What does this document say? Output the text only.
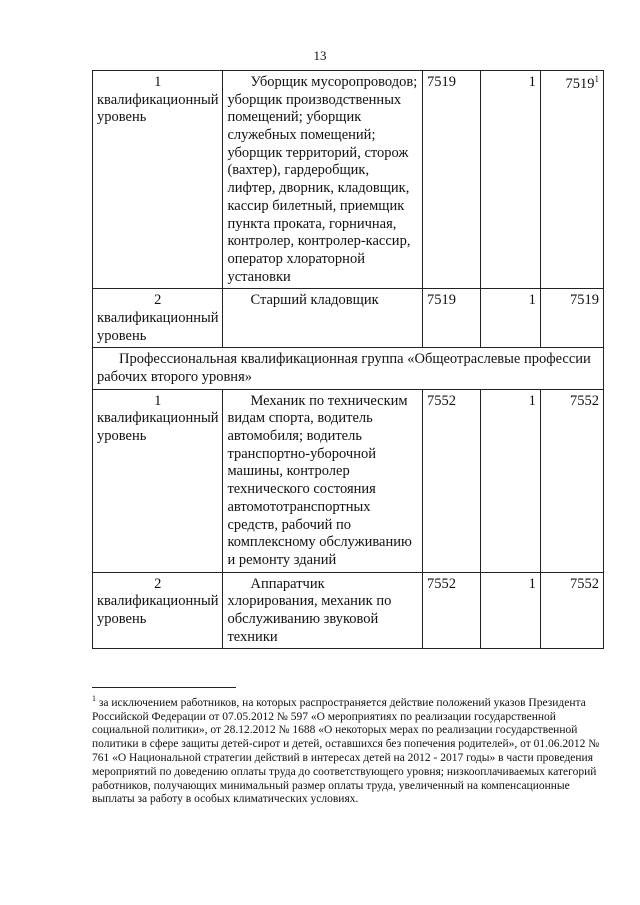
13
1
квалификационный уровень	Уборщик мусоропроводов; уборщик производственных помещений; уборщик служебных помещений; уборщик территорий, сторож (вахтер), гардеробщик, лифтер, дворник, кладовщик, кассир билетный, приемщик пункта проката, горничная, контролер, контролер-кассир, оператор хлораторной установки	7519	1	7519$^1$

2
квалификационный уровень	Старший кладовщик	7519	1	7519
Профессиональная квалификационная группа «Общеотраслевые профессии рабочих второго уровня»				

1
квалификационный уровень	Механик по техническим видам спорта, водитель автомобиля; водитель транспортно-уборочной машины, контролер технического состояния автомототранспортных средств, рабочий по комплексному обслуживанию и ремонту зданий	7552	1	7552

2
квалификационный уровень	Аппаратчик хлорирования, механик по обслуживанию звуковой техники	7552	1	7552
$^1$ за исключением работников, на которых распространяется действие положений указов Президента Российской Федерации от 07.05.2012 № 597 «О мероприятиях по реализации государственной социальной политики», от 28.12.2012 № 1688 «О некоторых мерах по реализации государственной политики в сфере защиты детей-сирот и детей, оставшихся без попечения родителей», от 01.06.2012 № 761 «О Национальной стратегии действий в интересах детей на 2012 - 2017 годы» в части проведения мероприятий по доведению оплаты труда до соответствующего уровня; низкооплачиваемых категорий работников, получающих минимальный размер оплаты труда, увеличенный на компенсационные выплаты за работу в особых климатических условиях.
